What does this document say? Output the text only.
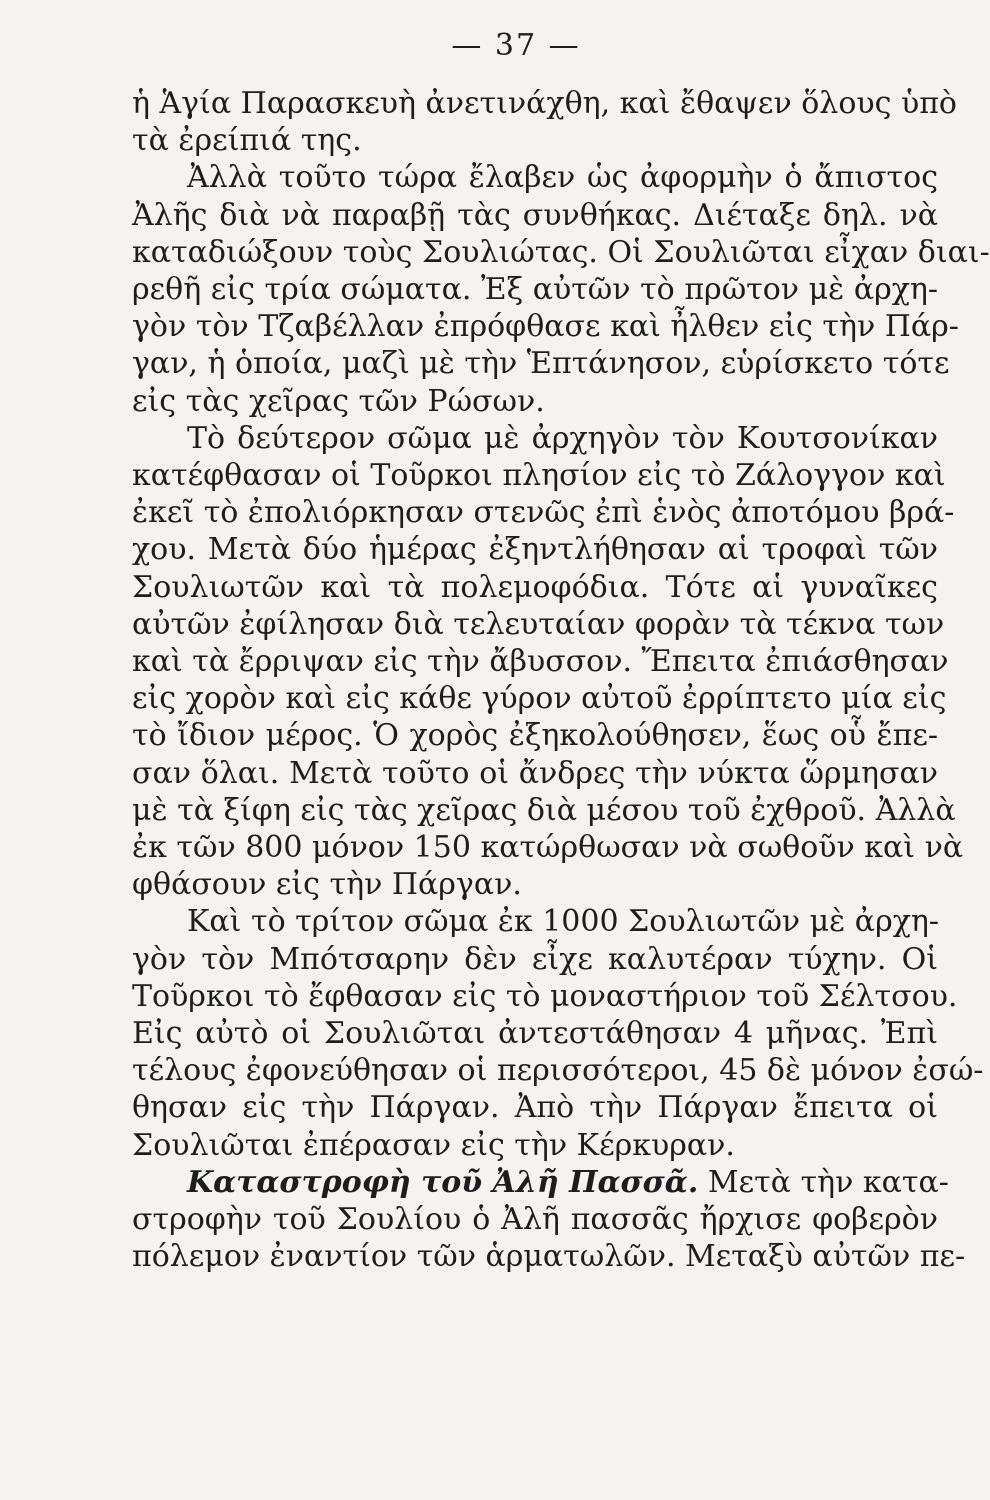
— 37 —
ἡ Ἁγία Παρασκευὴ ἀνετινάχθη, καὶ ἔθαψεν ὅλους ὑπὸ
τὰ ἐρείπιά της.
Ἀλλὰ τοῦτο τώρα ἔλαβεν ὡς ἀφορμὴν ὁ ἄπιστος
Ἀλῆς διὰ νὰ παραβῇ τὰς συνθήκας. Διέταξε δηλ. νὰ
καταδιώξουν τοὺς Σουλιώτας. Οἱ Σουλιῶται εἶχαν διαι-
ρεθῆ εἰς τρία σώματα. Ἐξ αὐτῶν τὸ πρῶτον μὲ ἀρχη-
γὸν τὸν Τζαβέλλαν ἐπρόφθασε καὶ ἦλθεν εἰς τὴν Πάρ-
γαν, ἡ ὁποία, μαζὶ μὲ τὴν Ἑπτάνησον, εὑρίσκετο τότε
εἰς τὰς χεῖρας τῶν Ρώσων.
Τὸ δεύτερον σῶμα μὲ ἀρχηγὸν τὸν Κουτσονίκαν
κατέφθασαν οἱ Τοῦρκοι πλησίον εἰς τὸ Ζάλογγον καὶ
ἐκεῖ τὸ ἐπολιόρκησαν στενῶς ἐπὶ ἑνὸς ἀποτόμου βρά-
χου. Μετὰ δύο ἡμέρας ἐξηντλήθησαν αἱ τροφαὶ τῶν
Σουλιωτῶν καὶ τὰ πολεμοφόδια. Τότε αἱ γυναῖκες
αὐτῶν ἐφίλησαν διὰ τελευταίαν φορὰν τὰ τέκνα των
καὶ τὰ ἔρριψαν εἰς τὴν ἄβυσσον. Ἔπειτα ἐπιάσθησαν
εἰς χορὸν καὶ εἰς κάθε γύρον αὐτοῦ ἐρρίπτετο μία εἰς
τὸ ἴδιον μέρος. Ὁ χορὸς ἐξηκολούθησεν, ἕως οὗ ἔπε-
σαν ὅλαι. Μετὰ τοῦτο οἱ ἄνδρες τὴν νύκτα ὥρμησαν
μὲ τὰ ξίφη εἰς τὰς χεῖρας διὰ μέσου τοῦ ἐχθροῦ. Ἀλλὰ
ἐκ τῶν 800 μόνον 150 κατώρθωσαν νὰ σωθοῦν καὶ νὰ
φθάσουν εἰς τὴν Πάργαν.
Καὶ τὸ τρίτον σῶμα ἐκ 1000 Σουλιωτῶν μὲ ἀρχη-
γὸν τὸν Μπότσαρην δὲν εἶχε καλυτέραν τύχην. Οἱ
Τοῦρκοι τὸ ἔφθασαν εἰς τὸ μοναστήριον τοῦ Σέλτσου.
Εἰς αὐτὸ οἱ Σουλιῶται ἀντεστάθησαν 4 μῆνας. Ἐπὶ
τέλους ἐφονεύθησαν οἱ περισσότεροι, 45 δὲ μόνον ἐσώ-
θησαν εἰς τὴν Πάργαν. Ἀπὸ τὴν Πάργαν ἔπειτα οἱ
Σουλιῶται ἐπέρασαν εἰς τὴν Κέρκυραν.
Καταστροφὴ τοῦ Ἀλῆ Πασσᾶ. Μετὰ τὴν κατα-
στροφὴν τοῦ Σουλίου ὁ Ἀλῆ πασσᾶς ἤρχισε φοβερὸν
πόλεμον ἐναντίον τῶν ἁρματωλῶν. Μεταξὺ αὐτῶν πε-
